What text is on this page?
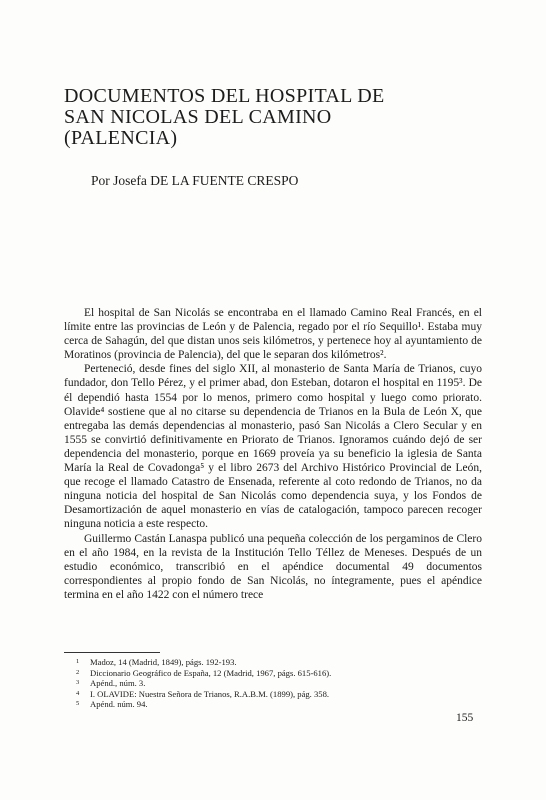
DOCUMENTOS DEL HOSPITAL DE
SAN NICOLAS DEL CAMINO
(PALENCIA)
Por Josefa DE LA FUENTE CRESPO

El hospital de San Nicolás se encontraba en el llamado Camino Real Francés, en el límite entre las provincias de León y de Palencia, regado por el río Sequillo¹. Estaba muy cerca de Sahagún, del que distan unos seis kilómetros, y pertenece hoy al ayuntamiento de Moratinos (provincia de Palencia), del que le separan dos kilómetros².

Perteneció, desde fines del siglo XII, al monasterio de Santa María de Trianos, cuyo fundador, don Tello Pérez, y el primer abad, don Esteban, dotaron el hospital en 1195³. De él dependió hasta 1554 por lo menos, primero como hospital y luego como priorato. Olavide⁴ sostiene que al no citarse su dependencia de Trianos en la Bula de León X, que entregaba las demás dependencias al monasterio, pasó San Nicolás a Clero Secular y en 1555 se convirtió definitivamente en Priorato de Trianos. Ignoramos cuándo dejó de ser dependencia del monasterio, porque en 1669 proveía ya su beneficio la iglesia de Santa María la Real de Covadonga⁵ y el libro 2673 del Archivo Histórico Provincial de León, que recoge el llamado Catastro de Ensenada, referente al coto redondo de Trianos, no da ninguna noticia del hospital de San Nicolás como dependencia suya, y los Fondos de Desamortización de aquel monasterio en vías de catalogación, tampoco parecen recoger ninguna noticia a este respecto.

Guillermo Castán Lanaspa publicó una pequeña colección de los pergaminos de Clero en el año 1984, en la revista de la Institución Tello Téllez de Meneses. Después de un estudio económico, transcribió en el apéndice documental 49 documentos correspondientes al propio fondo de San Nicolás, no íntegramente, pues el apéndice termina en el año 1422 con el número trece

1 Madoz, 14 (Madrid, 1849), págs. 192-193.
2 Diccionario Geográfico de España, 12 (Madrid, 1967, págs. 615-616).
3 Apénd., núm. 3.
4 I. OLAVIDE: Nuestra Señora de Trianos, R.A.B.M. (1899), pág. 358.
5 Apénd. núm. 94.
155
